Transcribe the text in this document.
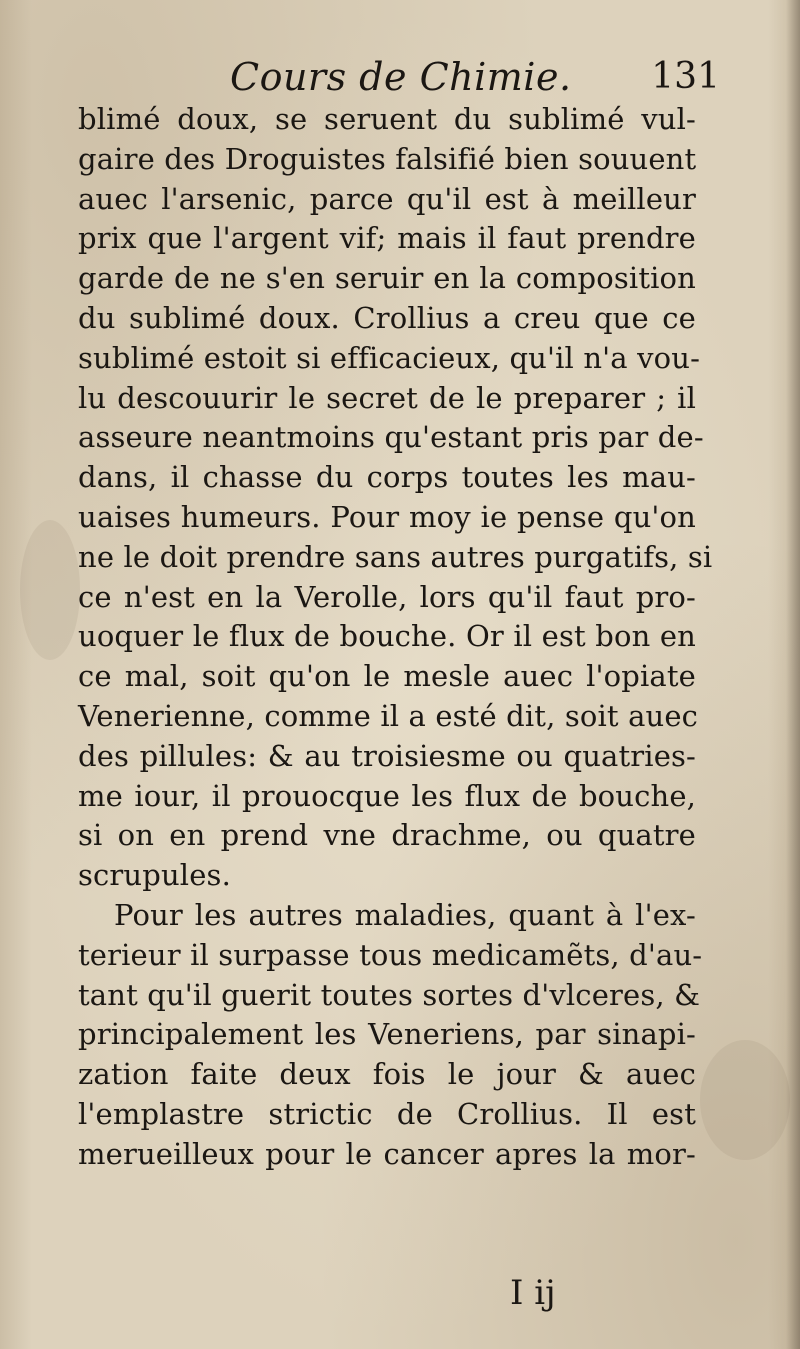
Cours de Chimie. 131
blimé doux, se seruent du sublimé vul-
gaire des Droguistes falsifié bien souuent
auec l'arsenic, parce qu'il est à meilleur
prix que l'argent vif; mais il faut prendre
garde de ne s'en seruir en la composition
du sublimé doux. Crollius a creu que ce
sublimé estoit si efficacieux, qu'il n'a vou-
lu descouurir le secret de le preparer ; il
asseure neantmoins qu'estant pris par de-
dans, il chasse du corps toutes les mau-
uaises humeurs. Pour moy ie pense qu'on
ne le doit prendre sans autres purgatifs, si
ce n'est en la Verolle, lors qu'il faut pro-
uoquer le flux de bouche. Or il est bon en
ce mal, soit qu'on le mesle auec l'opiate
Venerienne, comme il a esté dit, soit auec
des pillules: & au troisiesme ou quatries-
me iour, il prouocque les flux de bouche,
si on en prend vne drachme, ou quatre
scrupules.
Pour les autres maladies, quant à l'ex-
terieur il surpasse tous medicamẽts, d'au-
tant qu'il guerit toutes sortes d'vlceres, &
principalement les Veneriens, par sinapi-
zation faite deux fois le jour & auec
l'emplastre strictic de Crollius. Il est
merueilleux pour le cancer apres la mor-
I ij
